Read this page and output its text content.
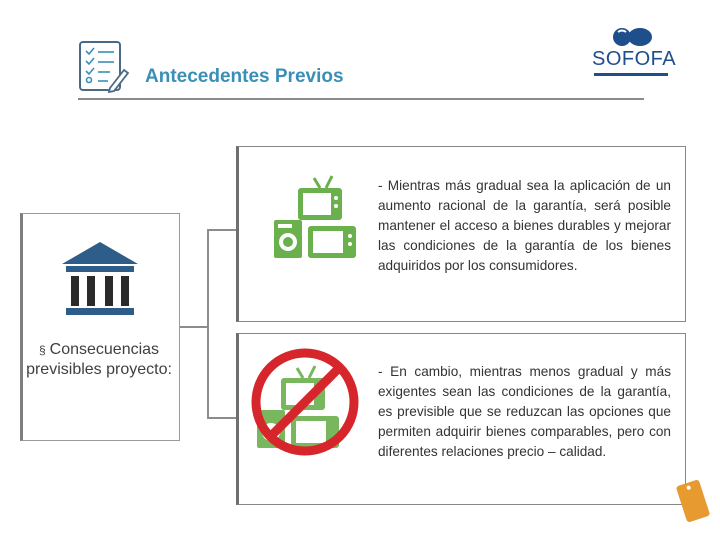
Antecedentes Previos
SOFOFA
§ Consecuencias previsibles proyecto:
- Mientras más gradual sea la aplicación de un aumento racional de la garantía, será posible mantener el acceso a bienes durables y mejorar las condiciones de la garantía de los bienes adquiridos por los consumidores.
- En cambio, mientras menos gradual y más exigentes sean las condiciones de la garantía, es previsible que se reduzcan las opciones que permiten adquirir bienes comparables, pero con diferentes relaciones precio – calidad.
